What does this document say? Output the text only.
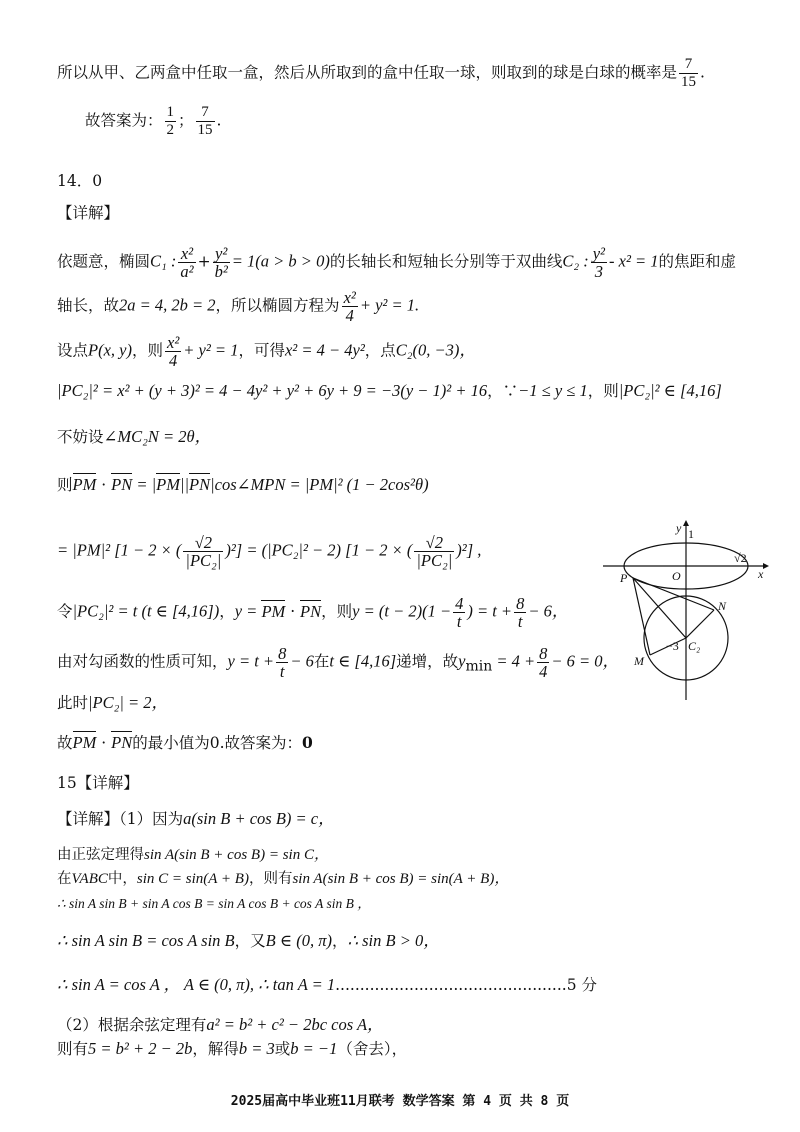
所以从甲、乙两盒中任取一盒，然后从所取到的盒中任取一球，则取到的球是白球的概率是 $\frac{7}{15}$ .
故答案为： $\frac{1}{2}$ ； $\frac{7}{15}$ .
14．0
【详解】
依题意，椭圆C₁ : $\frac{\text{x²}}{\text{a²}} + \frac{\text{y²}}{\text{b²}} = 1(a > b > 0)$的长轴长和短轴长分别等于双曲线C₂ : $\frac{\text{y²}}{3} - x^2 = 1$的焦距和虚
轴长，故2a = 4, 2b = 2，所以椭圆方程为 $\frac{\text{x²}}{4} + y^2 = 1$.
设点P(x, y)，则 $\frac{\text{x²}}{4} + y^2 = 1$，可得x² = 4 − 4y²，点C₂(0, −3)，
|PC₂|² = x² + (y + 3)² = 4 − 4y² + y² + 6y + 9 = −3(y − 1)² + 16，∵−1 ≤ y ≤ 1，则|PC₂|² ∈ [4,16]
不妨设∠MC₂N = 2θ，
则PM · PN = |PM||PN|cos∠MPN = |PM|² (1 − 2cos²θ)
= |PM|² [1 − 2 × ( $\frac{√2}{\text{|PC₂|}} )^2] = (|PC_2|^2 - 2)$ [1 − 2 × ( $\frac{√2}{\text{|PC₂|}} )^2$] ,
令|PC₂|² = t (t ∈ [4,16])，y = PM · PN，则$y = (t - 2)(1 - \frac{4}{t}$ ) = $t + \frac{8}{t} - 6$，
由对勾函数的性质可知，$y = t + \frac{8}{t} - 6$在t ∈ [4,16]递增，故$y_{min} = 4 + \frac{8}{4} - 6 = 0$，
此时|PC₂| = 2，
故PM · PN的最小值为0.故答案为：0
15【详解】
【详解】（1）因为a(sin B + cos B) = c，
由正弦定理得sin A(sin B + cos B) = sin C，
在VABC中，sin C = sin(A + B)，则有sin A(sin B + cos B) = sin(A + B)，
∴ sin A sin B + sin A cos B = sin A cos B + cos A sin B ，
∴ sin A sin B = cos A sin B，又B ∈ (0, π)，∴ sin B > 0，
∴ sin A = cos A ， A ∈ (0, π), ∴ tan A = 1...............................................5 分
（2）根据余弦定理有a² = b² + c² − 2bc cos A，
则有5 = b² + 2 − 2b，解得b = 3或b = −1（舍去），
y
x
O
1
√2
−3
P
N
M
C₂
2025届高中毕业班11月联考 数学答案 第 4 页 共 8 页
